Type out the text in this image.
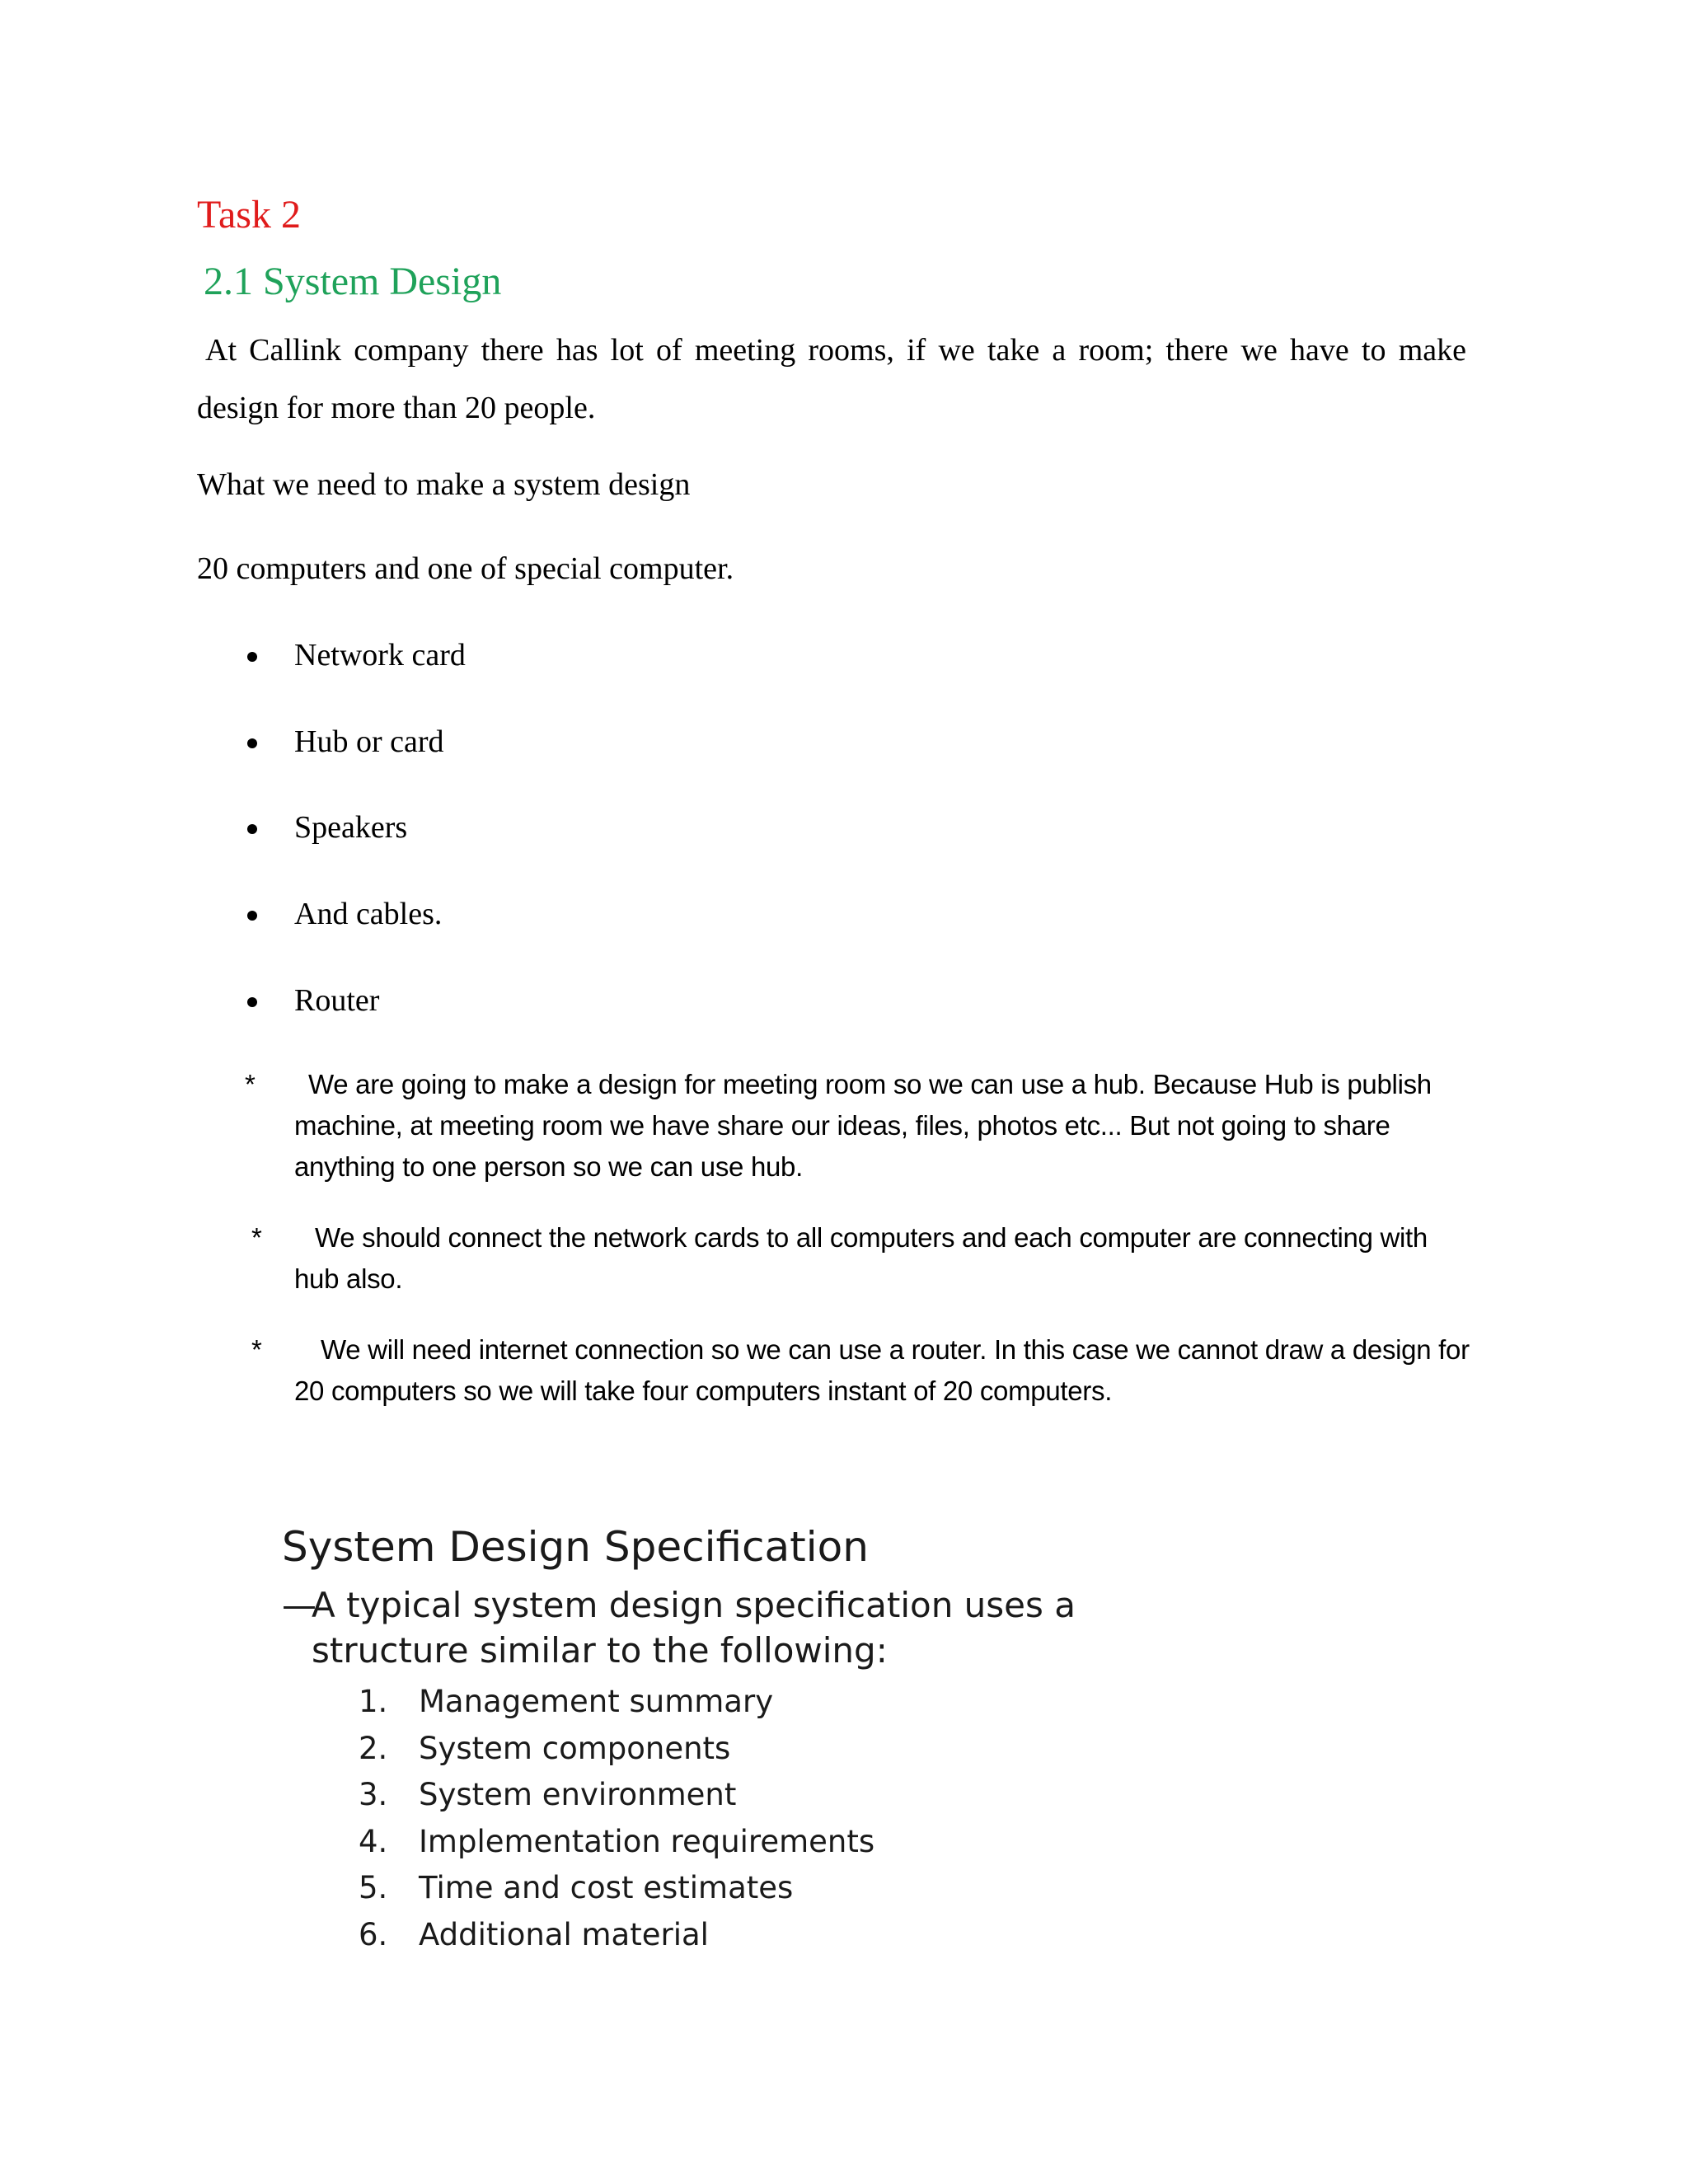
Task 2
2.1 System Design

At Callink company there has lot of meeting rooms, if we take a room; there we have to make design for more than 20 people.

What we need to make a system design

20 computers and one of special computer.

Network card
Hub or card
Speakers
And cables.
Router
*	We are going to make a design for meeting room so we can use a hub. Because Hub is publish machine, at meeting room we have share our ideas, files, photos etc... But not going to share anything to one person so we can use hub.
*	We should connect the network cards to all computers and each computer are connecting with hub also.
*	We will need internet connection so we can use a router. In this case we cannot draw a design for 20 computers so we will take four computers instant of 20 computers.
System Design Specification
—

A typical system design specification uses a structure similar to the following:

1. Management summary
2. System components
3. System environment
4. Implementation requirements
5. Time and cost estimates
6. Additional material
